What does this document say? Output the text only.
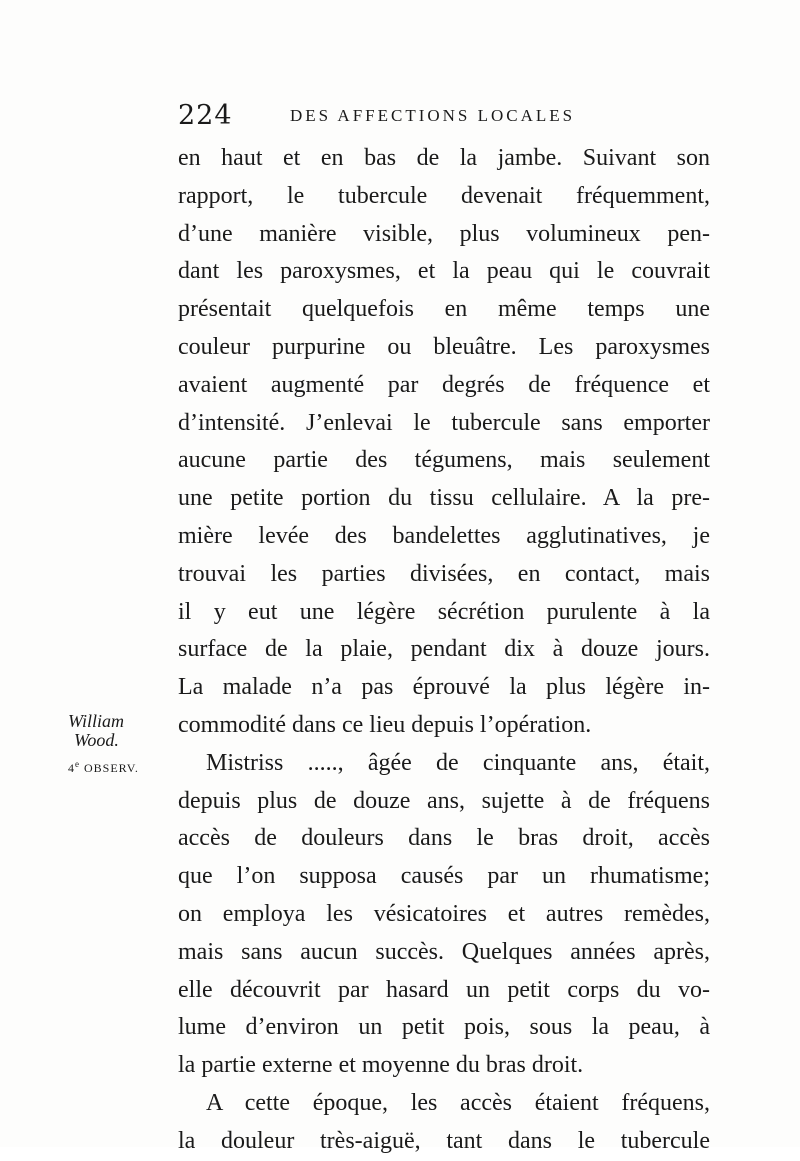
224	DES AFFECTIONS LOCALES
William
Wood.
4e OBSERV.
en haut et en bas de la jambe. Suivant son
rapport, le tubercule devenait fréquemment,
d’une manière visible, plus volumineux pen-
dant les paroxysmes, et la peau qui le couvrait
présentait quelquefois en même temps une
couleur purpurine ou bleuâtre. Les paroxysmes
avaient augmenté par degrés de fréquence et
d’intensité. J’enlevai le tubercule sans emporter
aucune partie des tégumens, mais seulement
une petite portion du tissu cellulaire. A la pre-
mière levée des bandelettes agglutinatives, je
trouvai les parties divisées, en contact, mais
il y eut une légère sécrétion purulente à la
surface de la plaie, pendant dix à douze jours.
La malade n’a pas éprouvé la plus légère in-
commodité dans ce lieu depuis l’opération.
Mistriss ....., âgée de cinquante ans, était,
depuis plus de douze ans, sujette à de fréquens
accès de douleurs dans le bras droit, accès
que l’on supposa causés par un rhumatisme;
on employa les vésicatoires et autres remèdes,
mais sans aucun succès. Quelques années après,
elle découvrit par hasard un petit corps du vo-
lume d’environ un petit pois, sous la peau, à
la partie externe et moyenne du bras droit.
A cette époque, les accès étaient fréquens,
la douleur très-aiguë, tant dans le tubercule
